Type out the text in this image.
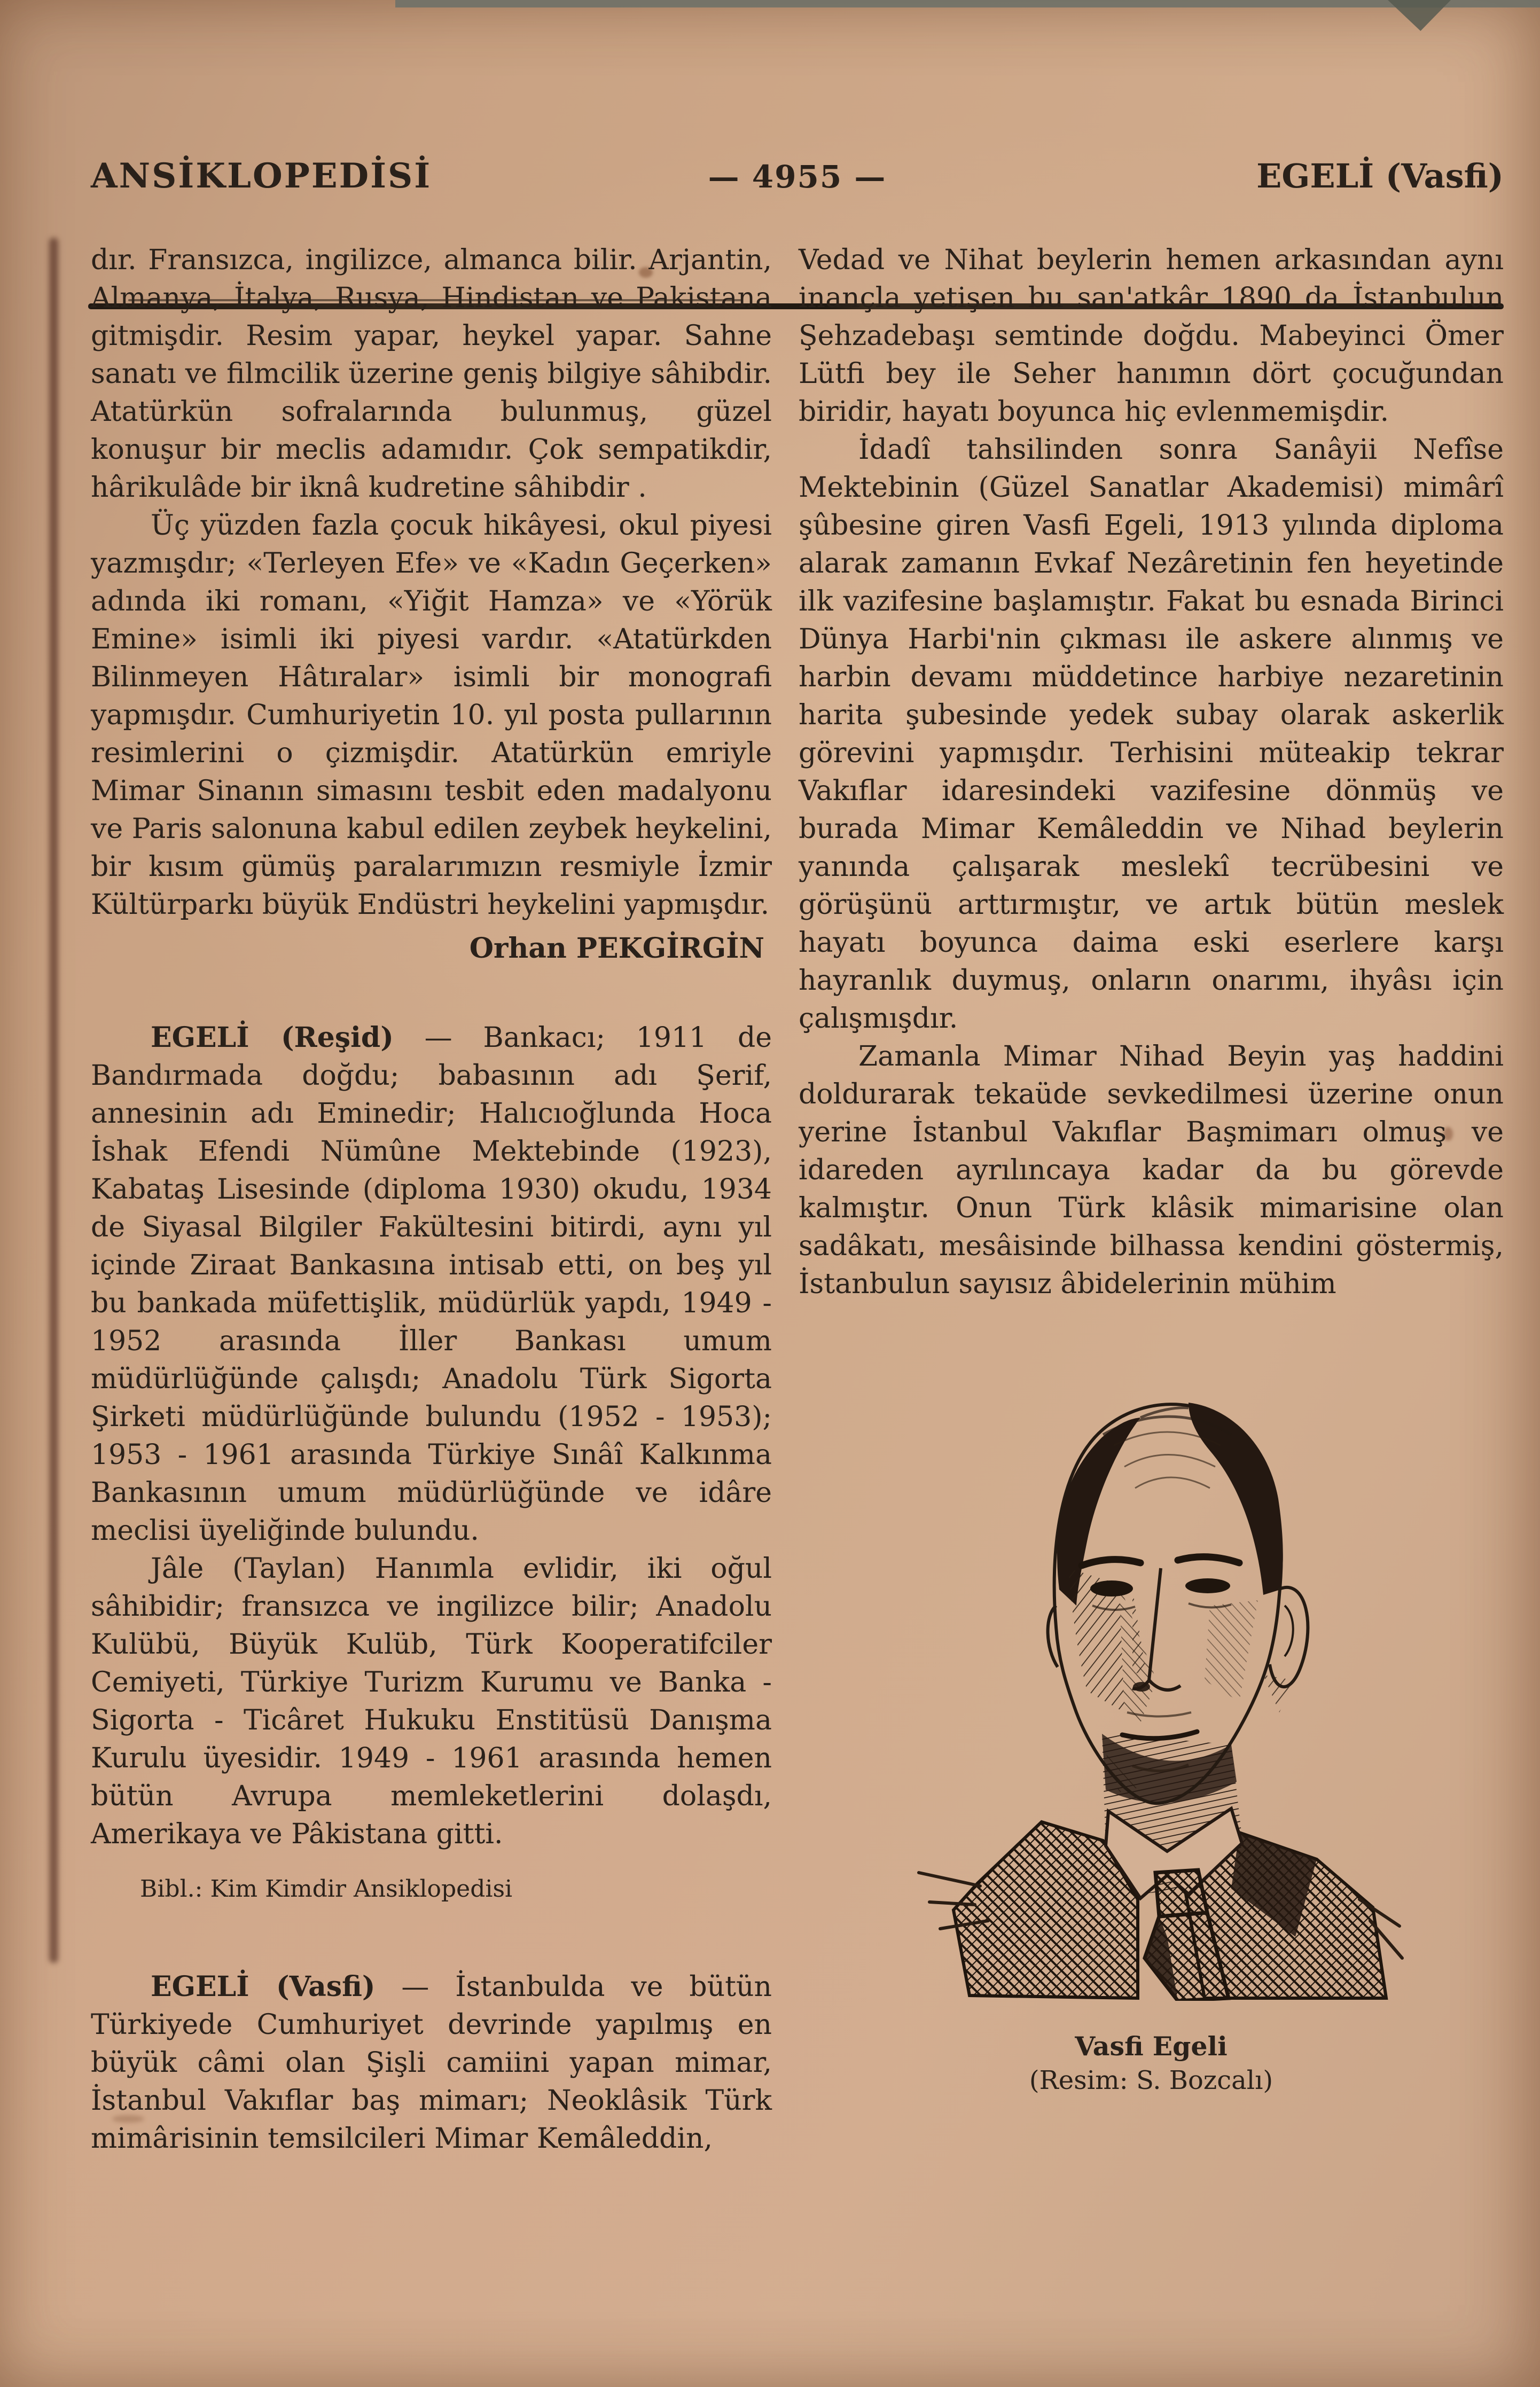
ANSİKLOPEDİSİ	— 4955 —	EGELİ (Vasfi)

dır. Fransızca, ingilizce, almanca bilir. Arjantin, Almanya, İtalya, Rusya, Hindistan ve Pakistana gitmişdir. Resim yapar, heykel yapar. Sahne sanatı ve filmcilik üzerine geniş bilgiye sâhibdir. Atatürkün sofralarında bulunmuş, güzel konuşur bir meclis adamıdır. Çok sempatikdir, hârikulâde bir iknâ kudretine sâhibdir .

Üç yüzden fazla çocuk hikâyesi, okul piyesi yazmışdır; «Terleyen Efe» ve «Kadın Geçerken» adında iki romanı, «Yiğit Hamza» ve «Yörük Emine» isimli iki piyesi vardır. «Atatürkden Bilinmeyen Hâtıralar» isimli bir monografi yapmışdır. Cumhuriyetin 10. yıl posta pullarının resimlerini o çizmişdir. Atatürkün emriyle Mimar Sinanın simasını tesbit eden madalyonu ve Paris salonuna kabul edilen zeybek heykelini, bir kısım gümüş paralarımızın resmiyle İzmir Kültürparkı büyük Endüstri heykelini yapmışdır.

Orhan PEKGİRGİN

EGELİ (Reşid) — Bankacı; 1911 de Bandırmada doğdu; babasının adı Şerif, annesinin adı Eminedir; Halıcıoğlunda Hoca İshak Efendi Nümûne Mektebinde (1923), Kabataş Lisesinde (diploma 1930) okudu, 1934 de Siyasal Bilgiler Fakültesini bitirdi, aynı yıl içinde Ziraat Bankasına intisab etti, on beş yıl bu bankada müfettişlik, müdürlük yapdı, 1949 - 1952 arasında İller Bankası umum müdürlüğünde çalışdı; Anadolu Türk Sigorta Şirketi müdürlüğünde bulundu (1952 - 1953); 1953 - 1961 arasında Türkiye Sınâî Kalkınma Bankasının umum müdürlüğünde ve idâre meclisi üyeliğinde bulundu.

Jâle (Taylan) Hanımla evlidir, iki oğul sâhibidir; fransızca ve ingilizce bilir; Anadolu Kulübü, Büyük Kulüb, Türk Kooperatifciler Cemiyeti, Türkiye Turizm Kurumu ve Banka - Sigorta - Ticâret Hukuku Enstitüsü Danışma Kurulu üyesidir. 1949 - 1961 arasında hemen bütün Avrupa memleketlerini dolaşdı, Amerikaya ve Pâkistana gitti.

Bibl.: Kim Kimdir Ansiklopedisi

EGELİ (Vasfi) — İstanbulda ve bütün Türkiyede Cumhuriyet devrinde yapılmış en büyük câmi olan Şişli camiini yapan mimar, İstanbul Vakıflar baş mimarı; Neoklâsik Türk mimârisinin temsilcileri Mimar Kemâleddin,

Vedad ve Nihat beylerin hemen arkasından aynı inançla yetişen bu san'atkâr 1890 da İstanbulun Şehzadebaşı semtinde doğdu. Mabeyinci Ömer Lütfi bey ile Seher hanımın dört çocuğundan biridir, hayatı boyunca hiç evlenmemişdir.

İdadî tahsilinden sonra Sanâyii Nefîse Mektebinin (Güzel Sanatlar Akademisi) mimârî şûbesine giren Vasfi Egeli, 1913 yılında diploma alarak zamanın Evkaf Nezâretinin fen heyetinde ilk vazifesine başlamıştır. Fakat bu esnada Birinci Dünya Harbi'nin çıkması ile askere alınmış ve harbin devamı müddetince harbiye nezaretinin harita şubesinde yedek subay olarak askerlik görevini yapmışdır. Terhisini müteakip tekrar Vakıflar idaresindeki vazifesine dönmüş ve burada Mimar Kemâleddin ve Nihad beylerin yanında çalışarak meslekî tecrübesini ve görüşünü arttırmıştır, ve artık bütün meslek hayatı boyunca daima eski eserlere karşı hayranlık duymuş, onların onarımı, ihyâsı için çalışmışdır.

Zamanla Mimar Nihad Beyin yaş haddini doldurarak tekaüde sevkedilmesi üzerine onun yerine İstanbul Vakıflar Başmimarı olmuş ve idareden ayrılıncaya kadar da bu görevde kalmıştır. Onun Türk klâsik mimarisine olan sadâkatı, mesâisinde bilhassa kendini göstermiş, İstanbulun sayısız âbidelerinin mühim

Vasfi Egeli

(Resim: S. Bozcalı)
